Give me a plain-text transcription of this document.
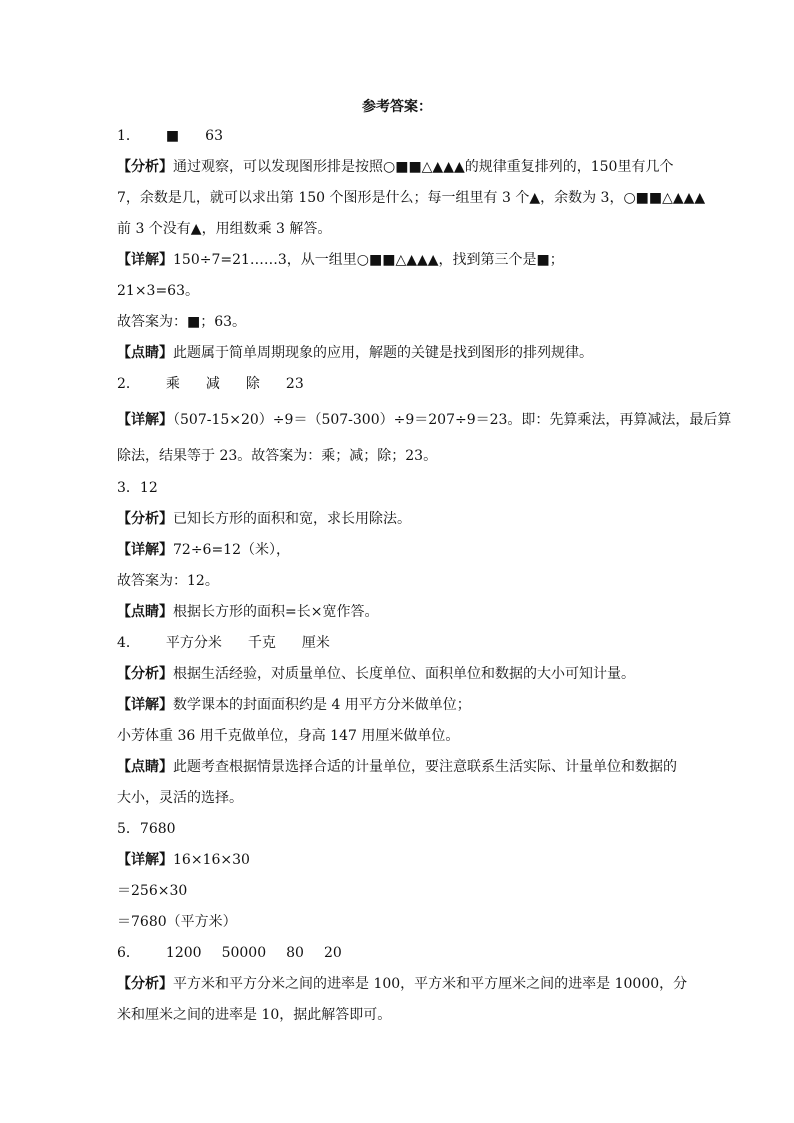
参考答案：
1． ■ 63
【分析】通过观察，可以发现图形排是按照○■■△▲▲▲的规律重复排列的，150里有几个
7，余数是几，就可以求出第 150 个图形是什么；每一组里有 3 个▲，余数为 3，○■■△▲▲▲
前 3 个没有▲，用组数乘 3 解答。
【详解】150÷7=21……3，从一组里○■■△▲▲▲，找到第三个是■；
21×3=63。
故答案为：■；63。
【点睛】此题属于简单周期现象的应用，解题的关键是找到图形的排列规律。
2． 乘 减 除 23
【详解】（507-15×20）÷9＝（507-300）÷9＝207÷9＝23。即：先算乘法，再算减法，最后算
除法，结果等于 23。故答案为：乘；减；除；23。
3．12
【分析】已知长方形的面积和宽，求长用除法。
【详解】72÷6=12（米），
故答案为：12。
【点睛】根据长方形的面积=长×宽作答。
4． 平方分米 千克 厘米
【分析】根据生活经验，对质量单位、长度单位、面积单位和数据的大小可知计量。
【详解】数学课本的封面面积约是 4 用平方分米做单位；
小芳体重 36 用千克做单位，身高 147 用厘米做单位。
【点睛】此题考查根据情景选择合适的计量单位，要注意联系生活实际、计量单位和数据的
大小，灵活的选择。
5．7680
【详解】16×16×30
＝256×30
＝7680（平方米）
6． 1200 50000 80 20
【分析】平方米和平方分米之间的进率是 100，平方米和平方厘米之间的进率是 10000，分
米和厘米之间的进率是 10，据此解答即可。
